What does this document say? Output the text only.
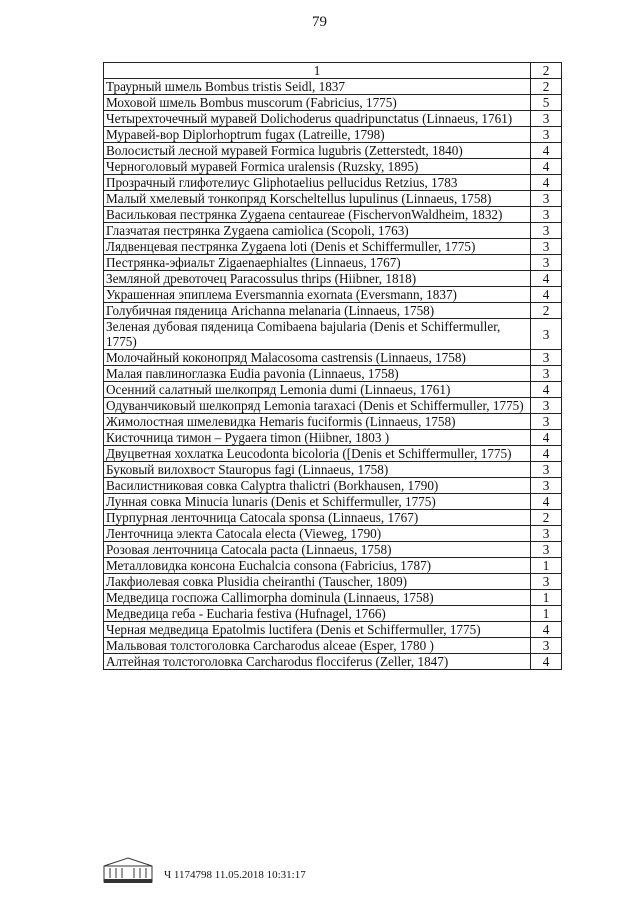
79
1	2
Траурный шмель Bombus tristis Seidl, 1837	2
Моховой шмель Bombus muscorum (Fabricius, 1775)	5
Четырехточечный муравей Dolichoderus quadripunctatus (Linnaeus, 1761)	3
Муравей-вор Diplorhoptrum fugax (Latreille, 1798)	3
Волосистый лесной муравей Formica lugubris (Zetterstedt, 1840)	4
Черноголовый муравей Formica uralensis (Ruzsky, 1895)	4
Прозрачный глифотелиус Gliphotaelius pellucidus Retzius, 1783	4
Малый хмелевый тонкопряд Korscheltellus lupulinus (Linnaeus, 1758)	3
Васильковая пестрянка Zygaena centaureae (FischervonWaldheim, 1832)	3
Глазчатая пестрянка Zygaena camiolica (Scopoli, 1763)	3
Лядвенцевая пестрянка Zygaena loti (Denis et Schiffermuller, 1775)	3
Пестрянка-эфиальт Zigaenaephialtes (Linnaeus, 1767)	3
Земляной древоточец Paracossulus thrips (Hiibner, 1818)	4
Украшенная эпиплема Eversmannia exornata (Eversmann, 1837)	4
Голубичная пяденица Arichanna melanaria (Linnaeus, 1758)	2
Зеленая дубовая пяденица Comibaena bajularia (Denis et Schiffermuller, 1775)	3
Молочайный коконопряд Malacosoma castrensis (Linnaeus, 1758)	3
Малая павлиноглазка Eudia pavonia (Linnaeus, 1758)	3
Осенний салатный шелкопряд Lemonia dumi (Linnaeus, 1761)	4
Одуванчиковый шелкопряд Lemonia taraxaci (Denis et Schiffermuller, 1775)	3
Жимолостная шмелевидка Hemaris fuciformis (Linnaeus, 1758)	3
Кисточница тимон – Pygaera timon (Hiibner, 1803 )	4
Двуцветная хохлатка Leucodonta bicoloria ([Denis et Schiffermuller, 1775)	4
Буковый вилохвост Stauropus fagi (Linnaeus, 1758)	3
Василистниковая совка Calyptra thalictri (Borkhausen, 1790)	3
Лунная совка Minucia lunaris (Denis et Schiffermuller, 1775)	4
Пурпурная ленточница Catocala sponsa (Linnaeus, 1767)	2
Ленточница электа Catocala electa (Vieweg, 1790)	3
Розовая ленточница Catocala pacta (Linnaeus, 1758)	3
Металловидка консона Euchalcia consona (Fabricius, 1787)	1
Лакфиолевая совка Plusidia cheiranthi (Tauscher, 1809)	3
Медведица госпожа Callimorpha dominula (Linnaeus, 1758)	1
Медведица геба - Eucharia festiva (Hufnagel, 1766)	1
Черная медведица Epatolmis luctifera (Denis et Schiffermuller, 1775)	4
Мальвовая толстоголовка Carcharodus alceae (Esper, 1780 )	3
Алтейная толстоголовка Carcharodus flocciferus (Zeller, 1847)	4
Ч 1174798 11.05.2018 10:31:17
